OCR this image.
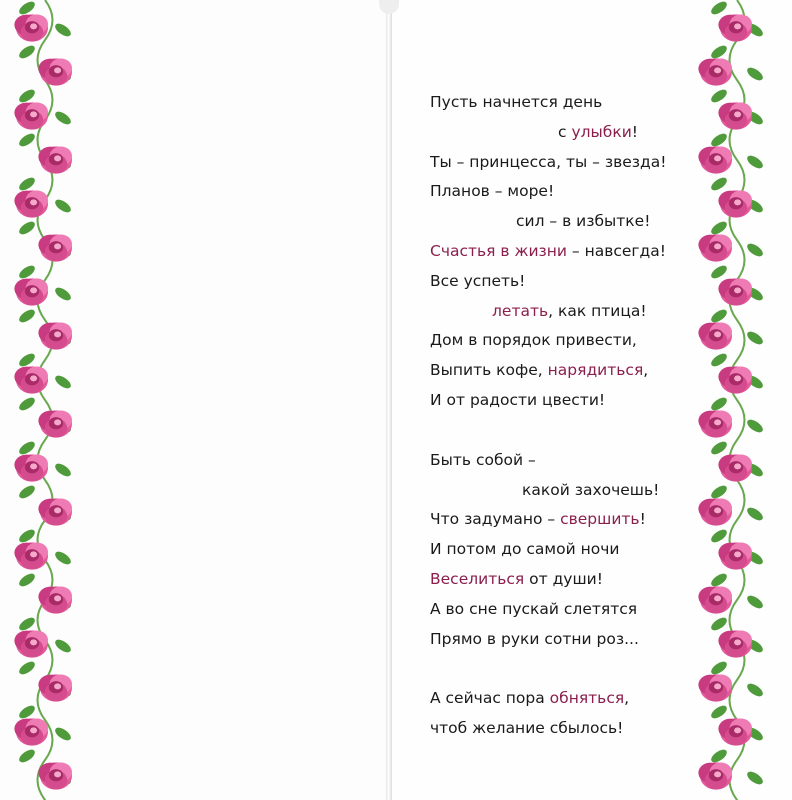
Пусть начнется день
с улыбки!
Ты – принцесса, ты – звезда!
Планов – море!
сил – в избытке!
Счастья в жизни – навсегда!
Все успеть!
летать, как птица!
Дом в порядок привести,
Выпить кофе, нарядиться,
И от радости цвести!
Быть собой –
какой захочешь!
Что задумано – свершить!
И потом до самой ночи
Веселиться от души!
А во сне пускай слетятся
Прямо в руки сотни роз...
А сейчас пора обняться,
чтоб желание сбылось!
